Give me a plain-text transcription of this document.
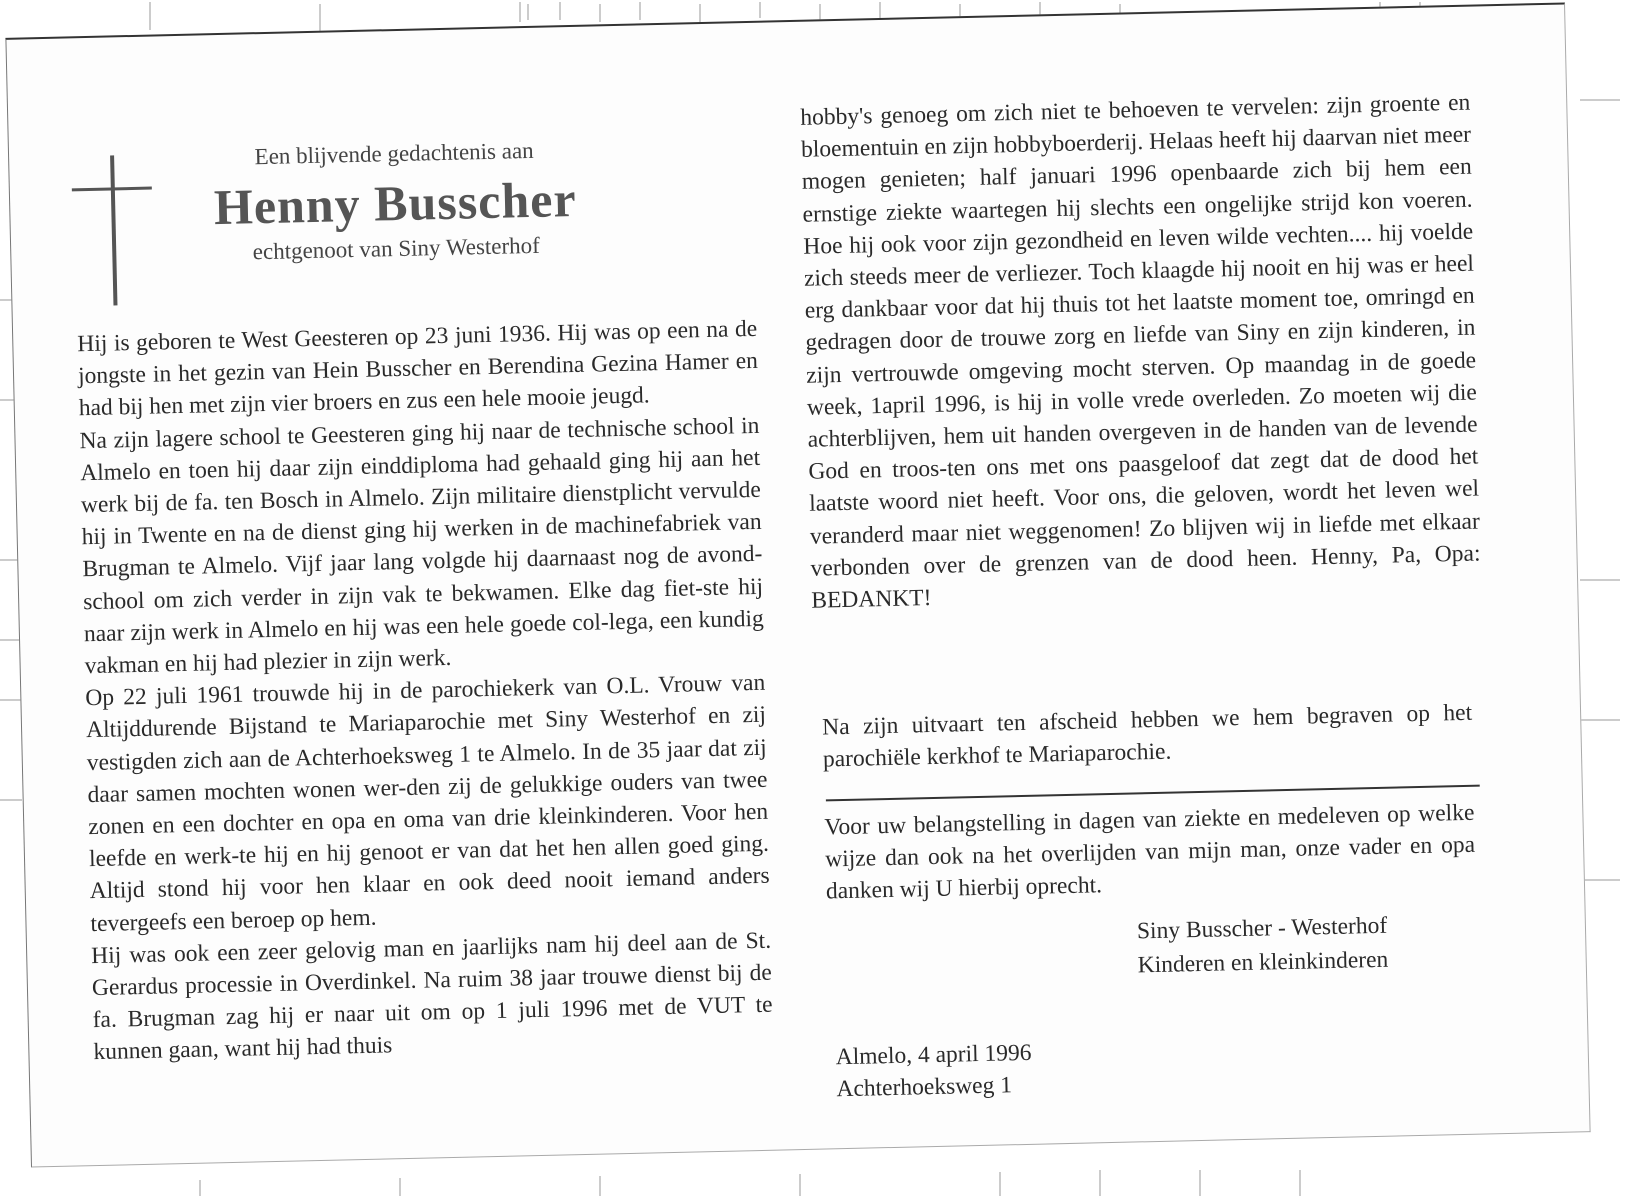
Een blijvende gedachtenis aan
Henny Busscher
echtgenoot van Siny Westerhof

Hij is geboren te West Geesteren op 23 juni 1936. Hij was op een na de jongste in het gezin van Hein Busscher en Berendina Gezina Hamer en had bij hen met zijn vier broers en zus een hele mooie jeugd.

Na zijn lagere school te Geesteren ging hij naar de technische school in Almelo en toen hij daar zijn einddiploma had gehaald ging hij aan het werk bij de fa. ten Bosch in Almelo. Zijn militaire dienstplicht vervulde hij in Twente en na de dienst ging hij werken in de machinefabriek van Brugman te Almelo. Vijf jaar lang volgde hij daarnaast nog de avond-school om zich verder in zijn vak te bekwamen. Elke dag fiet-ste hij naar zijn werk in Almelo en hij was een hele goede col-lega, een kundig vakman en hij had plezier in zijn werk.

Op 22 juli 1961 trouwde hij in de parochiekerk van O.L. Vrouw van Altijddurende Bijstand te Mariaparochie met Siny Westerhof en zij vestigden zich aan de Achterhoeksweg 1 te Almelo. In de 35 jaar dat zij daar samen mochten wonen wer-den zij de gelukkige ouders van twee zonen en een dochter en opa en oma van drie kleinkinderen. Voor hen leefde en werk-te hij en hij genoot er van dat het hen allen goed ging. Altijd stond hij voor hen klaar en ook deed nooit iemand anders tevergeefs een beroep op hem.

Hij was ook een zeer gelovig man en jaarlijks nam hij deel aan de St. Gerardus processie in Overdinkel. Na ruim 38 jaar trouwe dienst bij de fa. Brugman zag hij er naar uit om op 1 juli 1996 met de VUT te kunnen gaan, want hij had thuis

hobby's genoeg om zich niet te behoeven te vervelen: zijn groente en bloementuin en zijn hobbyboerderij. Helaas heeft hij daarvan niet meer mogen genieten; half januari 1996 openbaarde zich bij hem een ernstige ziekte waartegen hij slechts een ongelijke strijd kon voeren. Hoe hij ook voor zijn gezondheid en leven wilde vechten.... hij voelde zich steeds meer de verliezer. Toch klaagde hij nooit en hij was er heel erg dankbaar voor dat hij thuis tot het laatste moment toe, omringd en gedragen door de trouwe zorg en liefde van Siny en zijn kinderen, in zijn vertrouwde omgeving mocht sterven. Op maandag in de goede week, 1april 1996, is hij in volle vrede overleden. Zo moeten wij die achterblijven, hem uit handen overgeven in de handen van de levende God en troos-ten ons met ons paasgeloof dat zegt dat de dood het laatste woord niet heeft. Voor ons, die geloven, wordt het leven wel veranderd maar niet weggenomen! Zo blijven wij in liefde met elkaar verbonden over de grenzen van de dood heen. Henny, Pa, Opa: BEDANKT!

Na zijn uitvaart ten afscheid hebben we hem begraven op het parochiële kerkhof te Mariaparochie.
Voor uw belangstelling in dagen van ziekte en medeleven op welke wijze dan ook na het overlijden van mijn man, onze vader en opa danken wij U hierbij oprecht.
Siny Busscher - Westerhof
Kinderen en kleinkinderen
Almelo, 4 april 1996
Achterhoeksweg 1
